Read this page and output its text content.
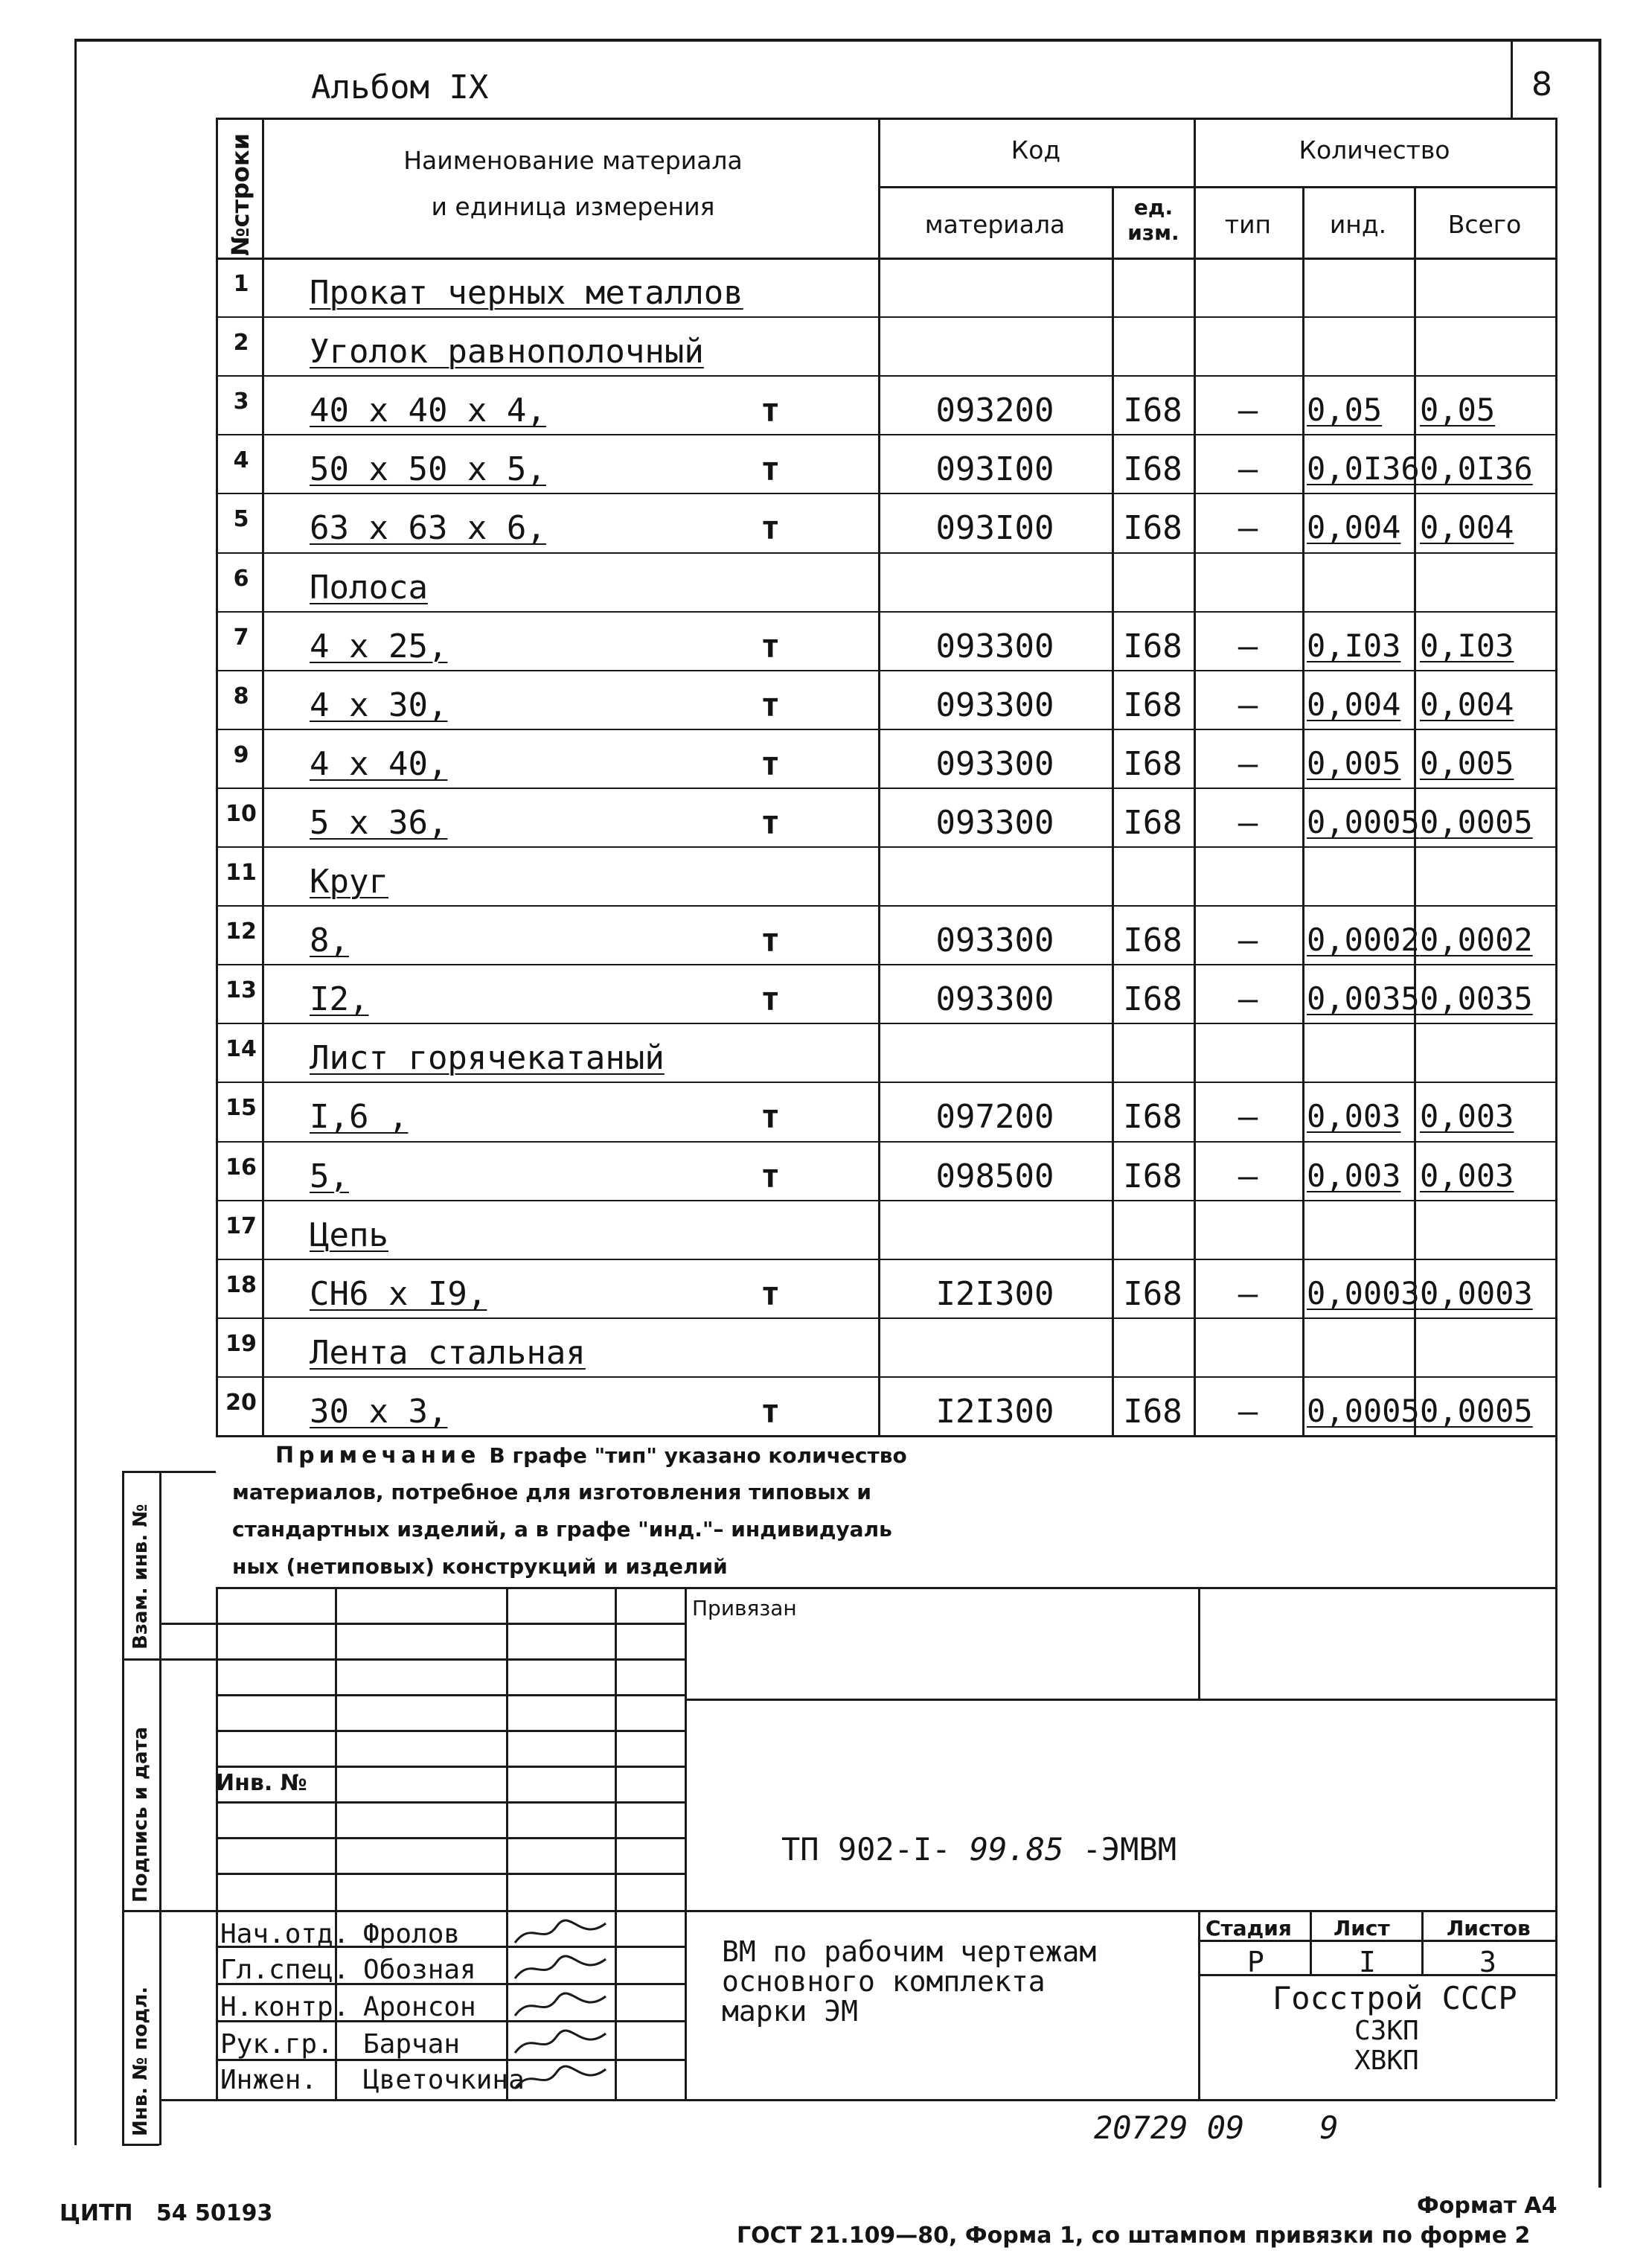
Альбом IX	8
№строки	Наименование материала
и единица измерения
Код	Количество
материала
ед. изм.	тип	инд.	Всего
1	Прокат черных металлов
2	Уголок равнополочный
3	40 x 40 x 4,	т	093200	I68	–	0,05 0,05
4	50 x 50 x 5,	т	093I00	I68	–	0,0I36 0,0I36
5	63 x 63 x 6,	т	093I00	I68	–	0,004 0,004
6	Полоса
7	4 x 25,	т	093300	I68	–	0,I03 0,I03
8	4 x 30,	т	093300	I68	–	0,004 0,004
9	4 x 40,	т	093300	I68	–	0,005 0,005
10 5 x 36,	т	093300	I68	–	0,0005 0,0005
11 Круг
12 8,	т	093300	I68	–	0,0002 0,0002
13 I2,	т	093300	I68	–	0,0035 0,0035
14 Лист горячекатаный
15 I,6 ,	т	097200	I68	–	0,003 0,003
16 5,	т	098500	I68	–	0,003 0,003
17 Цепь
18 СН6 x I9,	т	I2I300	I68	–	0,0003 0,0003
19 Лента стальная
20 30 x 3,	т	I2I300	I68	–	0,0005 0,0005
Примечание В графе "тип" указано количество
материалов, потребное для изготовления типовых и
стандартных изделий, а в графе "инд."– индивидуаль
ных (нетиповых) конструкций и изделий
Взам. инв. №
Подпись и дата
Инв. № подл.
Привязан
Инв. №
ТП 902-I- 99.85 -ЭМВМ
Нач.отд. Фролов
Гл.спец. Обозная
Н.контр. Аронсон
Рук.гр. Барчан
Инжен. Цветочкина
ВМ по рабочим чертежам
основного комплекта
марки ЭМ
Стадия Лист	Листов
Р	I	3
Госстрой СССР
СЗКП
ХВКП
20729 09    9
ЦИТП   54 50193	Формат А4
ГОСТ 21.109—80, Форма 1, со штампом привязки по форме 2
